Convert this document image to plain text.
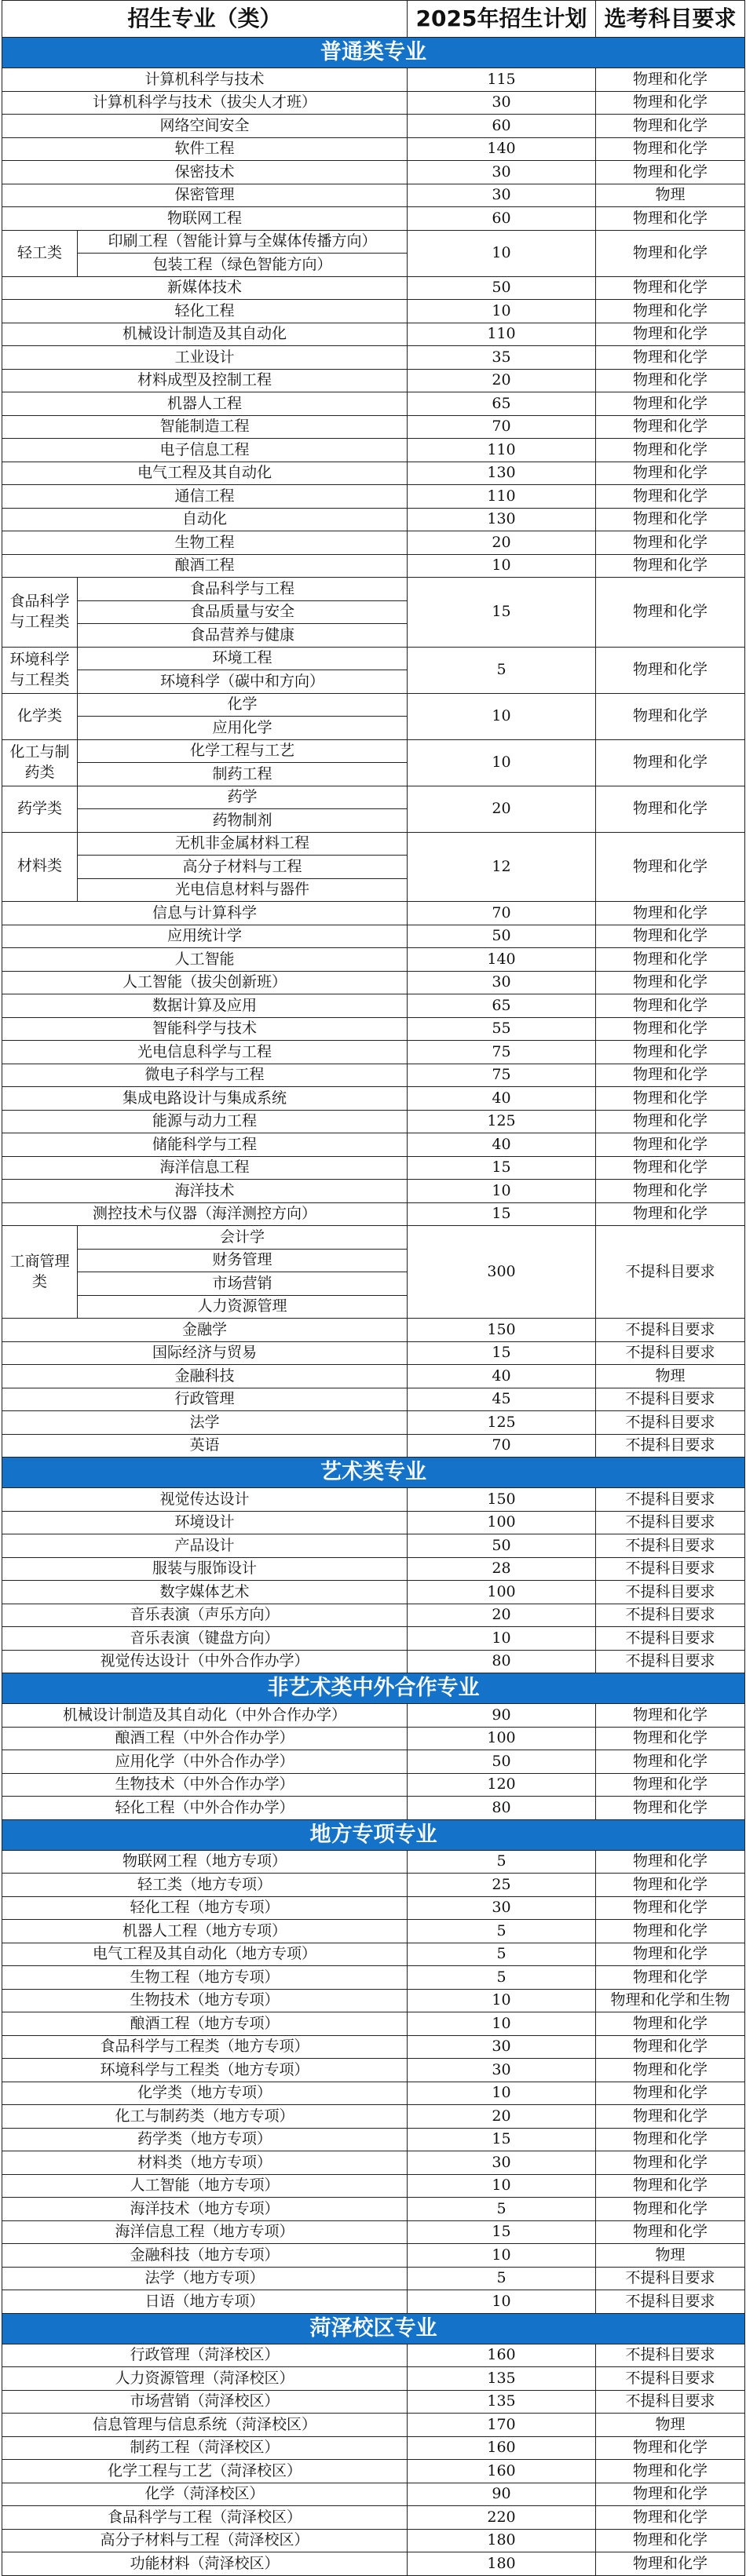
招生专业（类）		2025年招生计划	选考科目要求
普通类专业			
计算机科学与技术		115	物理和化学
计算机科学与技术（拔尖人才班）		30	物理和化学
网络空间安全		60	物理和化学
软件工程		140	物理和化学
保密技术		30	物理和化学
保密管理		30	物理
物联网工程		60	物理和化学
轻工类	印刷工程（智能计算与全媒体传播方向）	10	物理和化学
	包装工程（绿色智能方向）		
新媒体技术		50	物理和化学
轻化工程		10	物理和化学
机械设计制造及其自动化		110	物理和化学
工业设计		35	物理和化学
材料成型及控制工程		20	物理和化学
机器人工程		65	物理和化学
智能制造工程		70	物理和化学
电子信息工程		110	物理和化学
电气工程及其自动化		130	物理和化学
通信工程		110	物理和化学
自动化		130	物理和化学
生物工程		20	物理和化学
酿酒工程		10	物理和化学
食品科学与工程类	食品科学与工程	15	物理和化学
	食品质量与安全		
	食品营养与健康		
环境科学与工程类	环境工程	5	物理和化学
	环境科学（碳中和方向）		
化学类	化学	10	物理和化学
	应用化学		
化工与制药类	化学工程与工艺	10	物理和化学
	制药工程		
药学类	药学	20	物理和化学
	药物制剂		
材料类	无机非金属材料工程	12	物理和化学
	高分子材料与工程		
	光电信息材料与器件		
信息与计算科学		70	物理和化学
应用统计学		50	物理和化学
人工智能		140	物理和化学
人工智能（拔尖创新班）		30	物理和化学
数据计算及应用		65	物理和化学
智能科学与技术		55	物理和化学
光电信息科学与工程		75	物理和化学
微电子科学与工程		75	物理和化学
集成电路设计与集成系统		40	物理和化学
能源与动力工程		125	物理和化学
储能科学与工程		40	物理和化学
海洋信息工程		15	物理和化学
海洋技术		10	物理和化学
测控技术与仪器（海洋测控方向）		15	物理和化学
工商管理类	会计学	300	不提科目要求
	财务管理		
	市场营销		
	人力资源管理		
金融学		150	不提科目要求
国际经济与贸易		15	不提科目要求
金融科技		40	物理
行政管理		45	不提科目要求
法学		125	不提科目要求
英语		70	不提科目要求
艺术类专业			
视觉传达设计		150	不提科目要求
环境设计		100	不提科目要求
产品设计		50	不提科目要求
服装与服饰设计		28	不提科目要求
数字媒体艺术		100	不提科目要求
音乐表演（声乐方向）		20	不提科目要求
音乐表演（键盘方向）		10	不提科目要求
视觉传达设计（中外合作办学）		80	不提科目要求
非艺术类中外合作专业			
机械设计制造及其自动化（中外合作办学）		90	物理和化学
酿酒工程（中外合作办学）		100	物理和化学
应用化学（中外合作办学）		50	物理和化学
生物技术（中外合作办学）		120	物理和化学
轻化工程（中外合作办学）		80	物理和化学
地方专项专业			
物联网工程（地方专项）		5	物理和化学
轻工类（地方专项）		25	物理和化学
轻化工程（地方专项）		30	物理和化学
机器人工程（地方专项）		5	物理和化学
电气工程及其自动化（地方专项）		5	物理和化学
生物工程（地方专项）		5	物理和化学
生物技术（地方专项）		10	物理和化学和生物
酿酒工程（地方专项）		10	物理和化学
食品科学与工程类（地方专项）		30	物理和化学
环境科学与工程类（地方专项）		30	物理和化学
化学类（地方专项）		10	物理和化学
化工与制药类（地方专项）		20	物理和化学
药学类（地方专项）		15	物理和化学
材料类（地方专项）		30	物理和化学
人工智能（地方专项）		10	物理和化学
海洋技术（地方专项）		5	物理和化学
海洋信息工程（地方专项）		15	物理和化学
金融科技（地方专项）		10	物理
法学（地方专项）		5	不提科目要求
日语（地方专项）		10	不提科目要求
菏泽校区专业			
行政管理（菏泽校区）		160	不提科目要求
人力资源管理（菏泽校区）		135	不提科目要求
市场营销（菏泽校区）		135	不提科目要求
信息管理与信息系统（菏泽校区）		170	物理
制药工程（菏泽校区）		160	物理和化学
化学工程与工艺（菏泽校区）		160	物理和化学
化学（菏泽校区）		90	物理和化学
食品科学与工程（菏泽校区）		220	物理和化学
高分子材料与工程（菏泽校区）		180	物理和化学
功能材料（菏泽校区）		180	物理和化学
